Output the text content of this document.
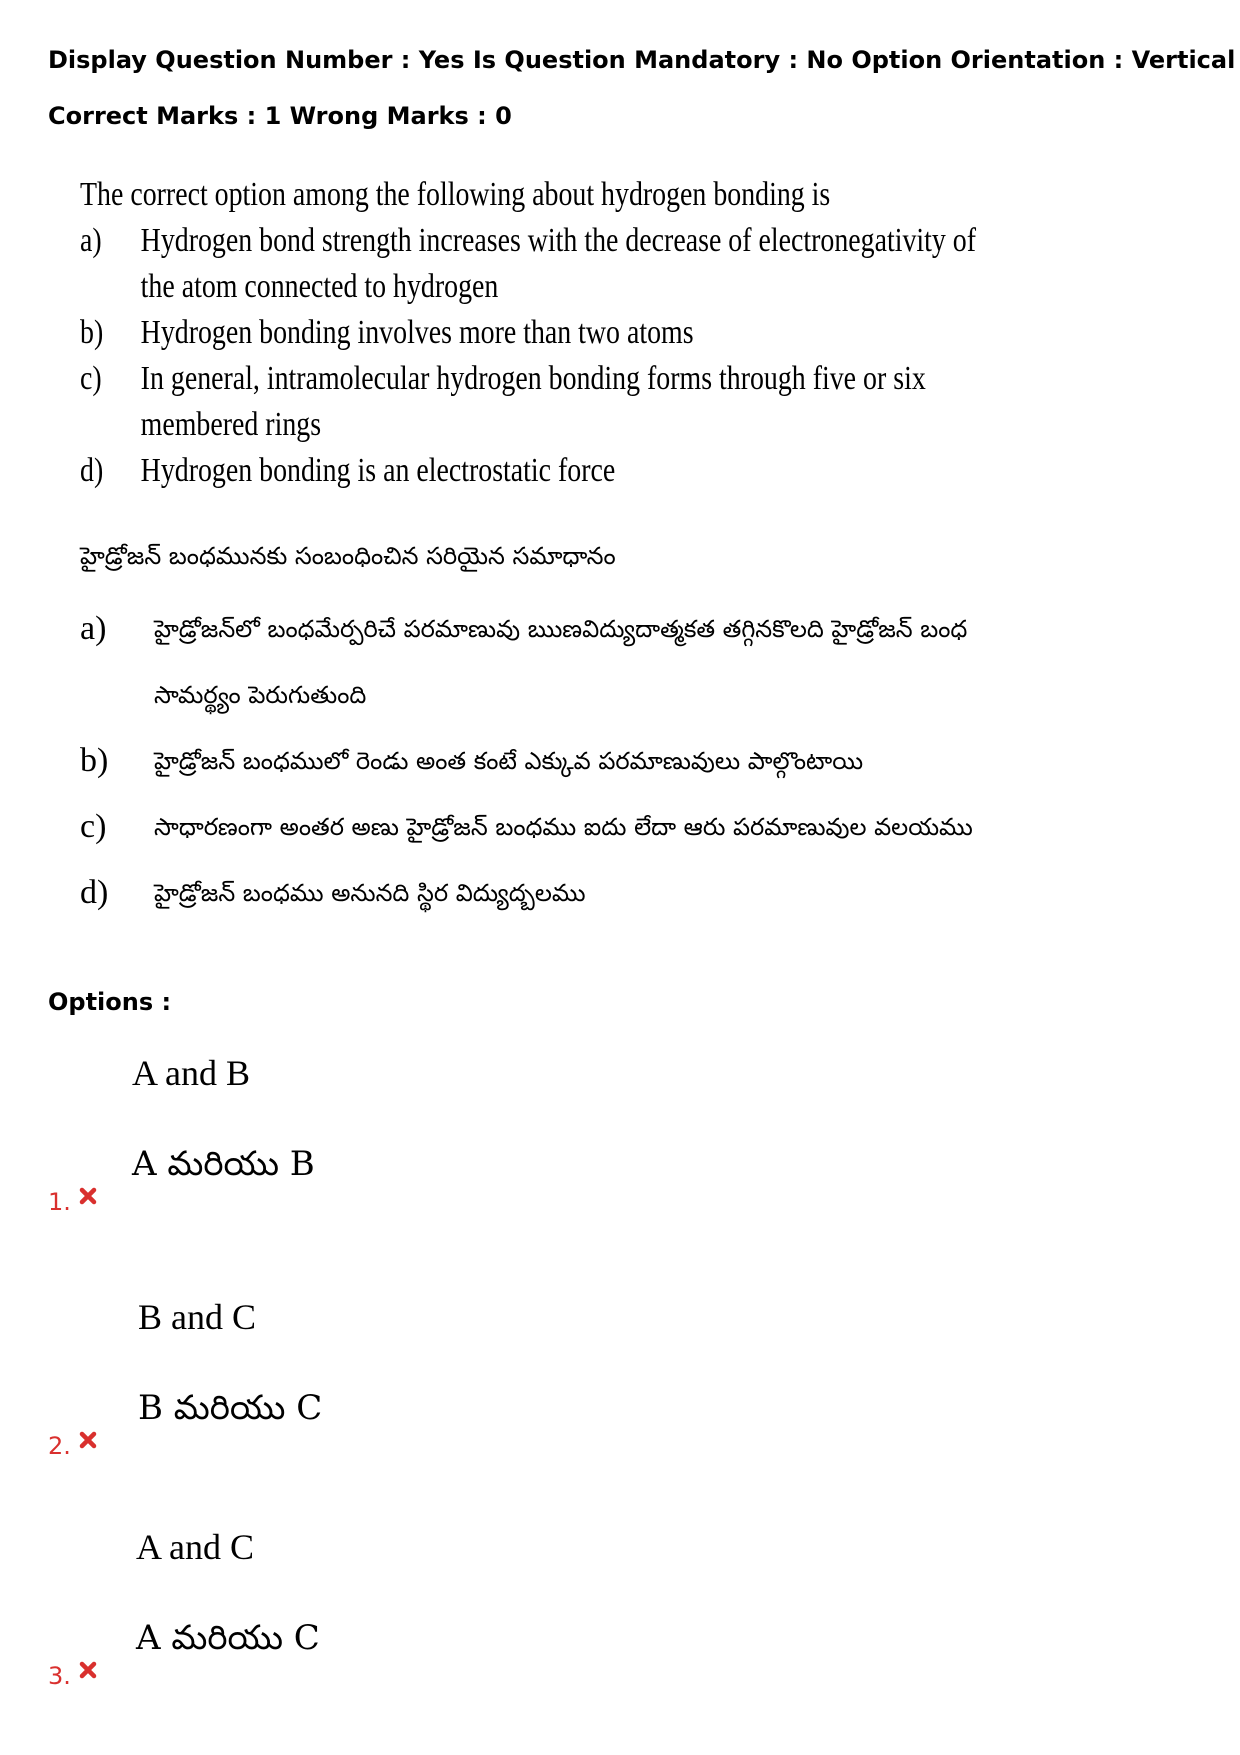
Display Question Number : Yes Is Question Mandatory : No Option Orientation : Vertical
Correct Marks : 1 Wrong Marks : 0
The correct option among the following about hydrogen bonding is
a) Hydrogen bond strength increases with the decrease of electronegativity of the atom connected to hydrogen
b) Hydrogen bonding involves more than two atoms
c) In general, intramolecular hydrogen bonding forms through five or six membered rings
d) Hydrogen bonding is an electrostatic force
హైడ్రోజన్ బంధమునకు సంబంధించిన సరియైన సమాధానం
a) హైడ్రోజన్‌లో బంధమేర్పరిచే పరమాణువు ఋణవిద్యుదాత్మకత తగ్గినకొలది హైడ్రోజన్ బంధ సామర్థ్యం పెరుగుతుంది
b) హైడ్రోజన్ బంధములో రెండు అంత కంటే ఎక్కువ పరమాణువులు పాల్గొంటాయి
c) సాధారణంగా అంతర అణు హైడ్రోజన్ బంధము ఐదు లేదా ఆరు పరమాణువుల వలయము
d) హైడ్రోజన్ బంధము అనునది స్థిర విద్యుద్బలము
Options :
A and B
A మరియు B
1.
B and C
B మరియు C
2.
A and C
A మరియు C
3.
